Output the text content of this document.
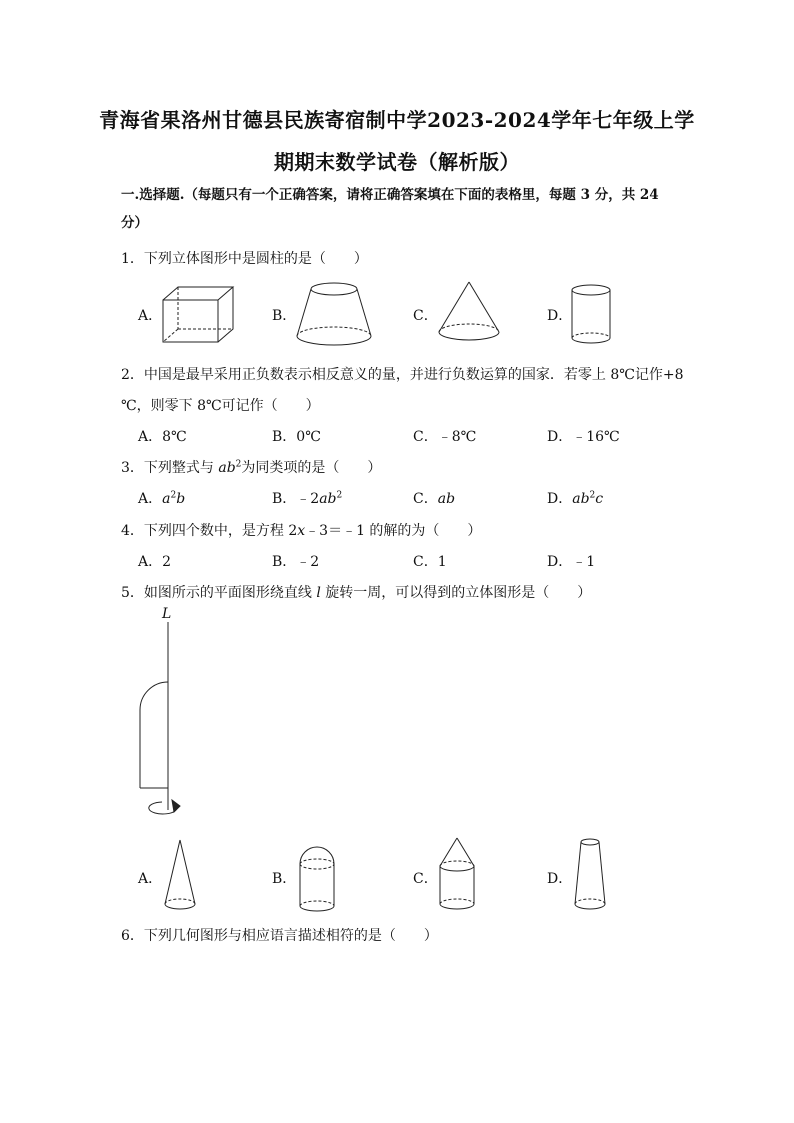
青海省果洛州甘德县民族寄宿制中学2023-2024学年七年级上学
期期末数学试卷（解析版）
一.选择题.（每题只有一个正确答案，请将正确答案填在下面的表格里，每题 3 分，共 24
分）
1．下列立体图形中是圆柱的是（　　）
A．	B．	C．	D．
2．中国是最早采用正负数表示相反意义的量，并进行负数运算的国家．若零上 8℃记作+8
℃，则零下 8℃可记作（　　）
A．8℃	B．0℃	C．﹣8℃	D．﹣16℃
3．下列整式与 $ab^2$为同类项的是（　　）
A．$a^2b$	B．$﹣2ab^2$	C．ab	D．$ab^2c$
4．下列四个数中，是方程 2x﹣3＝﹣1 的解的为（　　）
A．2	B．﹣2	C．1	D．﹣1
5．如图所示的平面图形绕直线 l 旋转一周，可以得到的立体图形是（　　）
L
A．	B．	C．	D．
6．下列几何图形与相应语言描述相符的是（　　）
